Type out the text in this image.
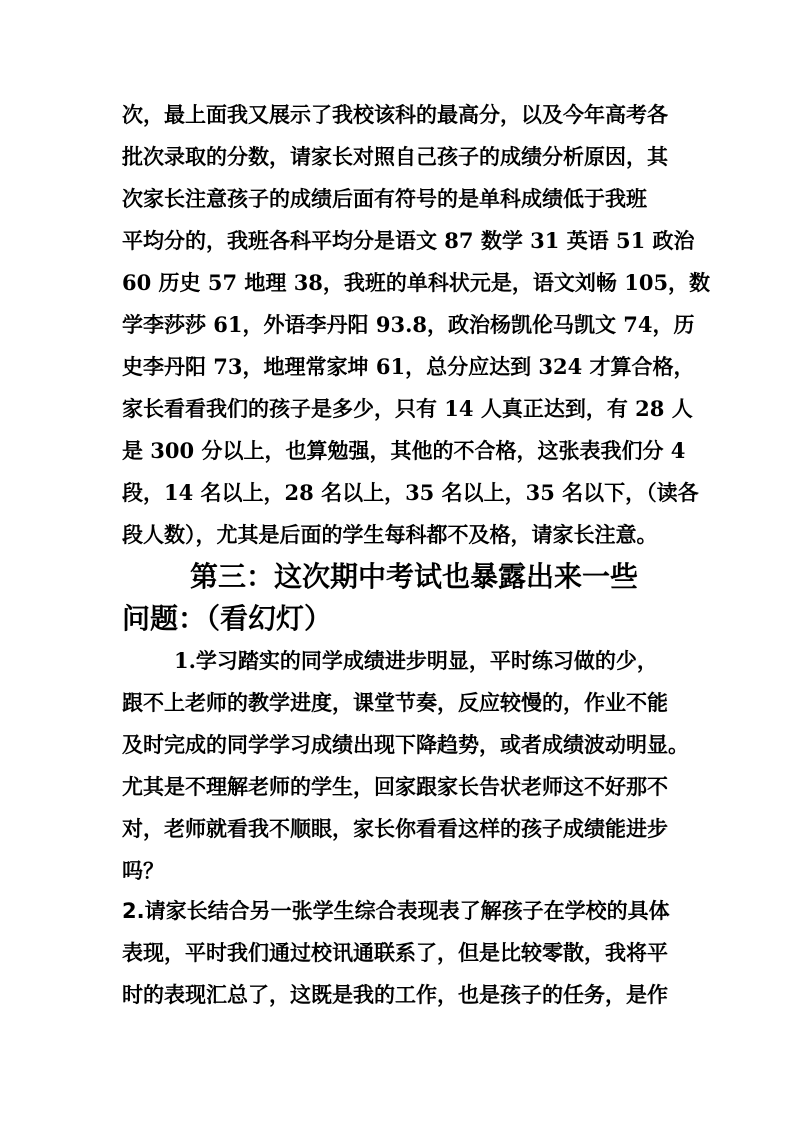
次，最上面我又展示了我校该科的最高分，以及今年高考各
批次录取的分数，请家长对照自己孩子的成绩分析原因，其
次家长注意孩子的成绩后面有符号的是单科成绩低于我班
平均分的，我班各科平均分是语文 87 数学 31 英语 51 政治
60 历史 57 地理 38，我班的单科状元是，语文刘畅 105，数
学李莎莎 61，外语李丹阳 93.8，政治杨凯伦马凯文 74，历
史李丹阳 73，地理常家坤 61，总分应达到 324 才算合格，
家长看看我们的孩子是多少，只有 14 人真正达到，有 28 人
是 300 分以上，也算勉强，其他的不合格，这张表我们分 4
段，14 名以上，28 名以上，35 名以上，35 名以下，（读各
段人数），尤其是后面的学生每科都不及格，请家长注意。
第三：这次期中考试也暴露出来一些
问题：（看幻灯）
1.学习踏实的同学成绩进步明显，平时练习做的少，
跟不上老师的教学进度，课堂节奏，反应较慢的，作业不能
及时完成的同学学习成绩出现下降趋势，或者成绩波动明显。
尤其是不理解老师的学生，回家跟家长告状老师这不好那不
对，老师就看我不顺眼，家长你看看这样的孩子成绩能进步
吗？
2.请家长结合另一张学生综合表现表了解孩子在学校的具体
表现，平时我们通过校讯通联系了，但是比较零散，我将平
时的表现汇总了，这既是我的工作，也是孩子的任务，是作
